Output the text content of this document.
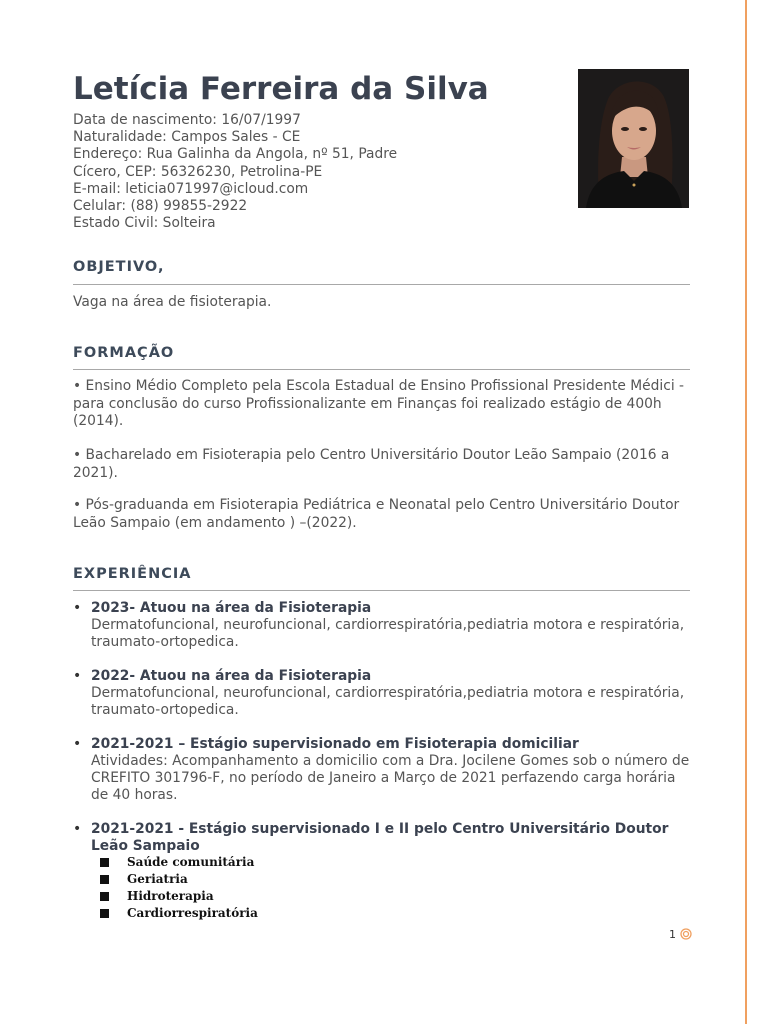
Letícia Ferreira da Silva

Data de nascimento: 16/07/1997

Naturalidade: Campos Sales - CE

Endereço: Rua Galinha da Angola, nº 51, Padre

Cícero, CEP: 56326230, Petrolina-PE

E-mail: leticia071997@icloud.com

Celular: (88) 99855-2922

Estado Civil: Solteira

OBJETIVO,

Vaga na área de fisioterapia.

FORMAÇÃO

• Ensino Médio Completo pela Escola Estadual de Ensino Profissional Presidente Médici - para conclusão do curso Profissionalizante em Finanças foi realizado estágio de 400h (2014).

• Bacharelado em Fisioterapia pelo Centro Universitário Doutor Leão Sampaio (2016 a 2021).

• Pós-graduanda em Fisioterapia Pediátrica e Neonatal pelo Centro Universitário Doutor Leão Sampaio (em andamento ) –(2022).

EXPERIÊNCIA
• 2023- Atuou na área da Fisioterapia

Dermatofuncional, neurofuncional, cardiorrespiratória,pediatria motora e respiratória, traumato-ortopedica.

• 2022- Atuou na área da Fisioterapia

Dermatofuncional, neurofuncional, cardiorrespiratória,pediatria motora e respiratória, traumato-ortopedica.

• 2021-2021 – Estágio supervisionado em Fisioterapia domiciliar

Atividades: Acompanhamento a domicilio com a Dra. Jocilene Gomes sob o número de CREFITO 301796-F, no período de Janeiro a Março de 2021 perfazendo carga horária de 40 horas.

• 2021-2021 - Estágio supervisionado I e II pelo Centro Universitário Doutor Leão Sampaio

Saúde comunitária
Geriatria
Hidroterapia
Cardiorrespiratória
1
